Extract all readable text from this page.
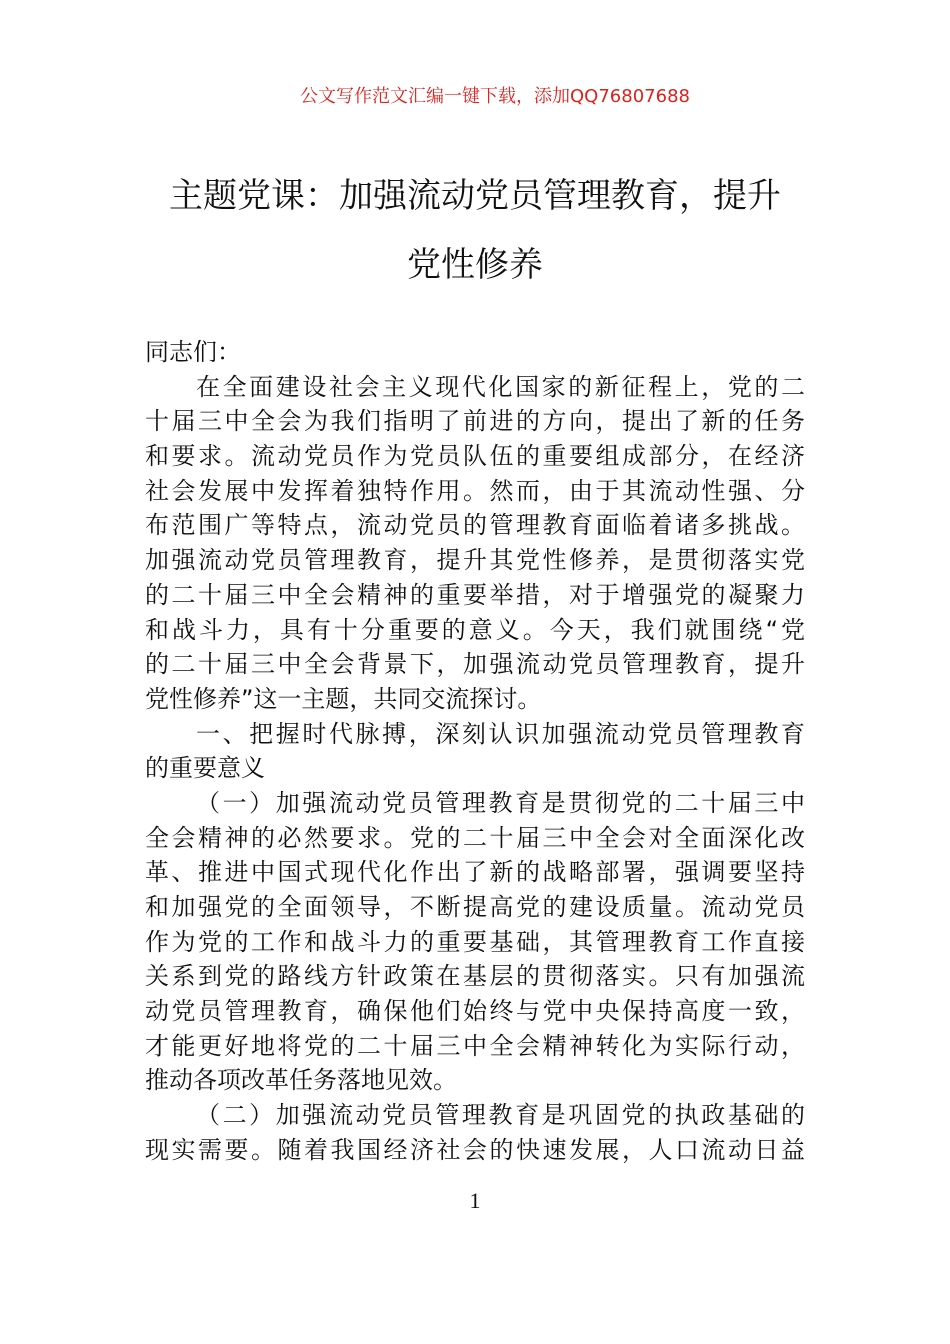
公文写作范文汇编一键下载，添加QQ76807688
主题党课：加强流动党员管理教育，提升
党性修养
同志们：
在全面建设社会主义现代化国家的新征程上，党的二
十届三中全会为我们指明了前进的方向，提出了新的任务
和要求。流动党员作为党员队伍的重要组成部分，在经济
社会发展中发挥着独特作用。然而，由于其流动性强、分
布范围广等特点，流动党员的管理教育面临着诸多挑战。
加强流动党员管理教育，提升其党性修养，是贯彻落实党
的二十届三中全会精神的重要举措，对于增强党的凝聚力
和战斗力，具有十分重要的意义。今天，我们就围绕“党
的二十届三中全会背景下，加强流动党员管理教育，提升
党性修养”这一主题，共同交流探讨。
一、把握时代脉搏，深刻认识加强流动党员管理教育
的重要意义
（一）加强流动党员管理教育是贯彻党的二十届三中
全会精神的必然要求。党的二十届三中全会对全面深化改
革、推进中国式现代化作出了新的战略部署，强调要坚持
和加强党的全面领导，不断提高党的建设质量。流动党员
作为党的工作和战斗力的重要基础，其管理教育工作直接
关系到党的路线方针政策在基层的贯彻落实。只有加强流
动党员管理教育，确保他们始终与党中央保持高度一致，
才能更好地将党的二十届三中全会精神转化为实际行动，
推动各项改革任务落地见效。
（二）加强流动党员管理教育是巩固党的执政基础的
现实需要。随着我国经济社会的快速发展，人口流动日益
1
